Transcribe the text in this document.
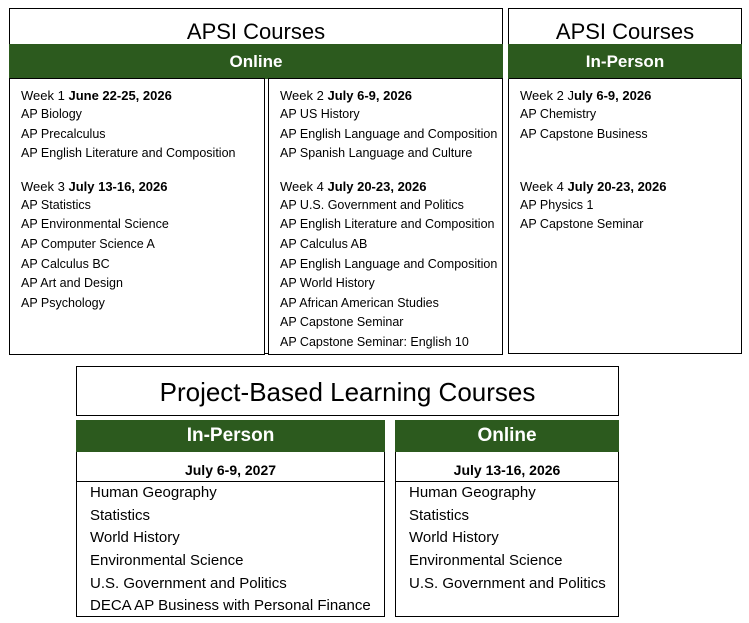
APSI Courses
Online
Week 1 June 22-25, 2026
AP Biology
AP Precalculus
AP English Literature and Composition
Week 3 July 13-16, 2026
AP Statistics
AP Environmental Science
AP Computer Science A
AP Calculus BC
AP Art and Design
AP Psychology
Week 2 July 6-9, 2026
AP US History
AP English Language and Composition
AP Spanish Language and Culture
Week 4 July 20-23, 2026
AP U.S. Government and Politics
AP English Literature and Composition
AP Calculus AB
AP English Language and Composition
AP World History
AP African American Studies
AP Capstone Seminar
AP Capstone Seminar: English 10
APSI Courses
In-Person
Week 2 July 6-9, 2026
AP Chemistry
AP Capstone Business
Week 4 July 20-23, 2026
AP Physics 1
AP Capstone Seminar
Project-Based Learning Courses
In-Person
July 6-9, 2027
Human Geography
Statistics
World History
Environmental Science
U.S. Government and Politics
DECA AP Business with Personal Finance
Online
July 13-16, 2026
Human Geography
Statistics
World History
Environmental Science
U.S. Government and Politics
